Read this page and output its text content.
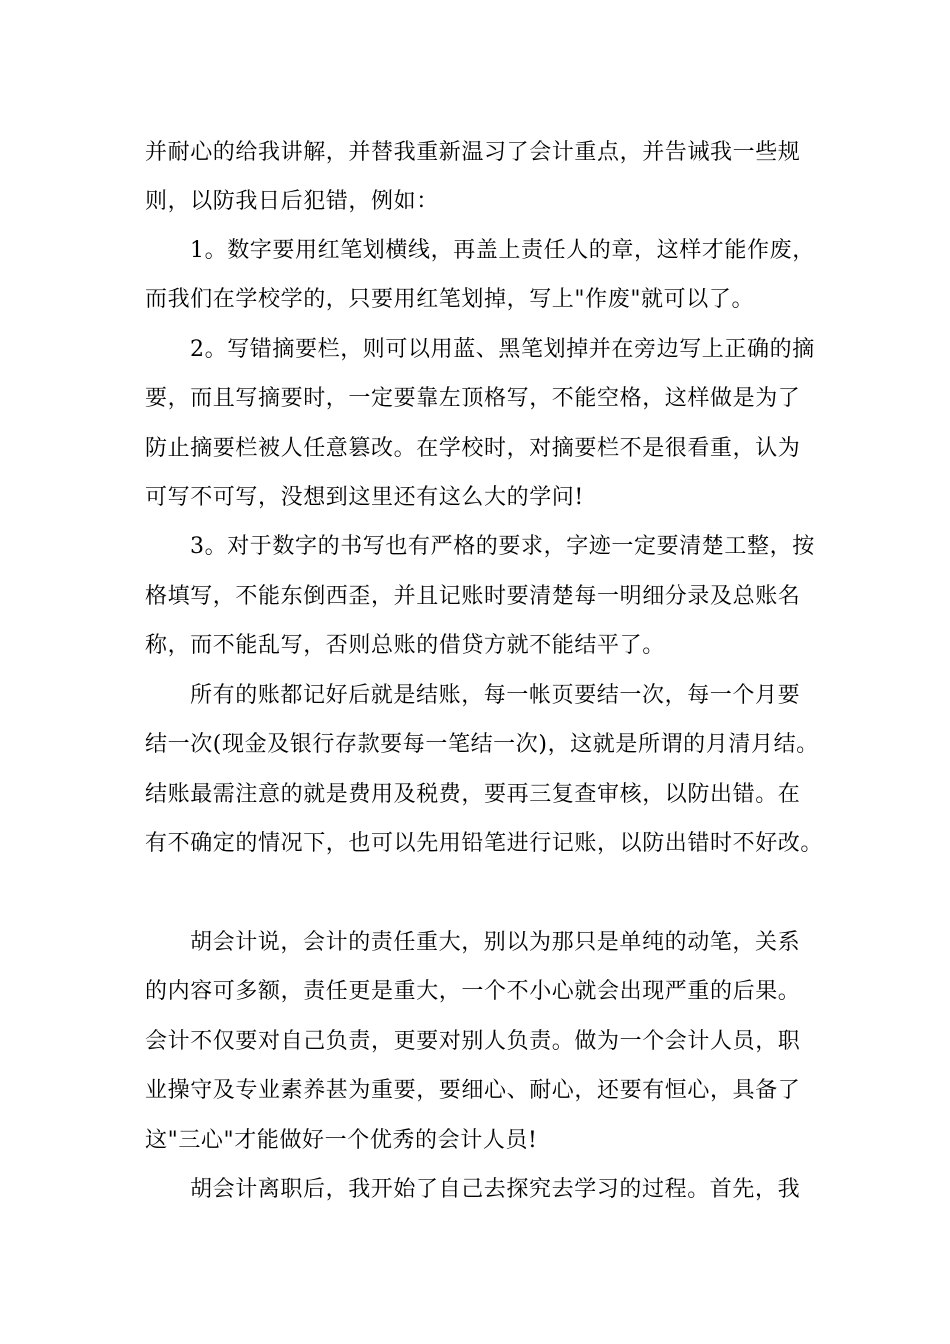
并耐心的给我讲解，并替我重新温习了会计重点，并告诫我一些规
则，以防我日后犯错，例如：
1。数字要用红笔划横线，再盖上责任人的章，这样才能作废，
而我们在学校学的，只要用红笔划掉，写上"作废"就可以了。
2。写错摘要栏，则可以用蓝、黑笔划掉并在旁边写上正确的摘
要，而且写摘要时，一定要靠左顶格写，不能空格，这样做是为了
防止摘要栏被人任意篡改。在学校时，对摘要栏不是很看重，认为
可写不可写，没想到这里还有这么大的学问!
3。对于数字的书写也有严格的要求，字迹一定要清楚工整，按
格填写，不能东倒西歪，并且记账时要清楚每一明细分录及总账名
称，而不能乱写，否则总账的借贷方就不能结平了。
所有的账都记好后就是结账，每一帐页要结一次，每一个月要
结一次(现金及银行存款要每一笔结一次)，这就是所谓的月清月结。
结账最需注意的就是费用及税费，要再三复查审核，以防出错。在
有不确定的情况下，也可以先用铅笔进行记账，以防出错时不好改。
胡会计说，会计的责任重大，别以为那只是单纯的动笔，关系
的内容可多额，责任更是重大，一个不小心就会出现严重的后果。
会计不仅要对自己负责，更要对别人负责。做为一个会计人员，职
业操守及专业素养甚为重要，要细心、耐心，还要有恒心，具备了
这"三心"才能做好一个优秀的会计人员!
胡会计离职后，我开始了自己去探究去学习的过程。首先，我
